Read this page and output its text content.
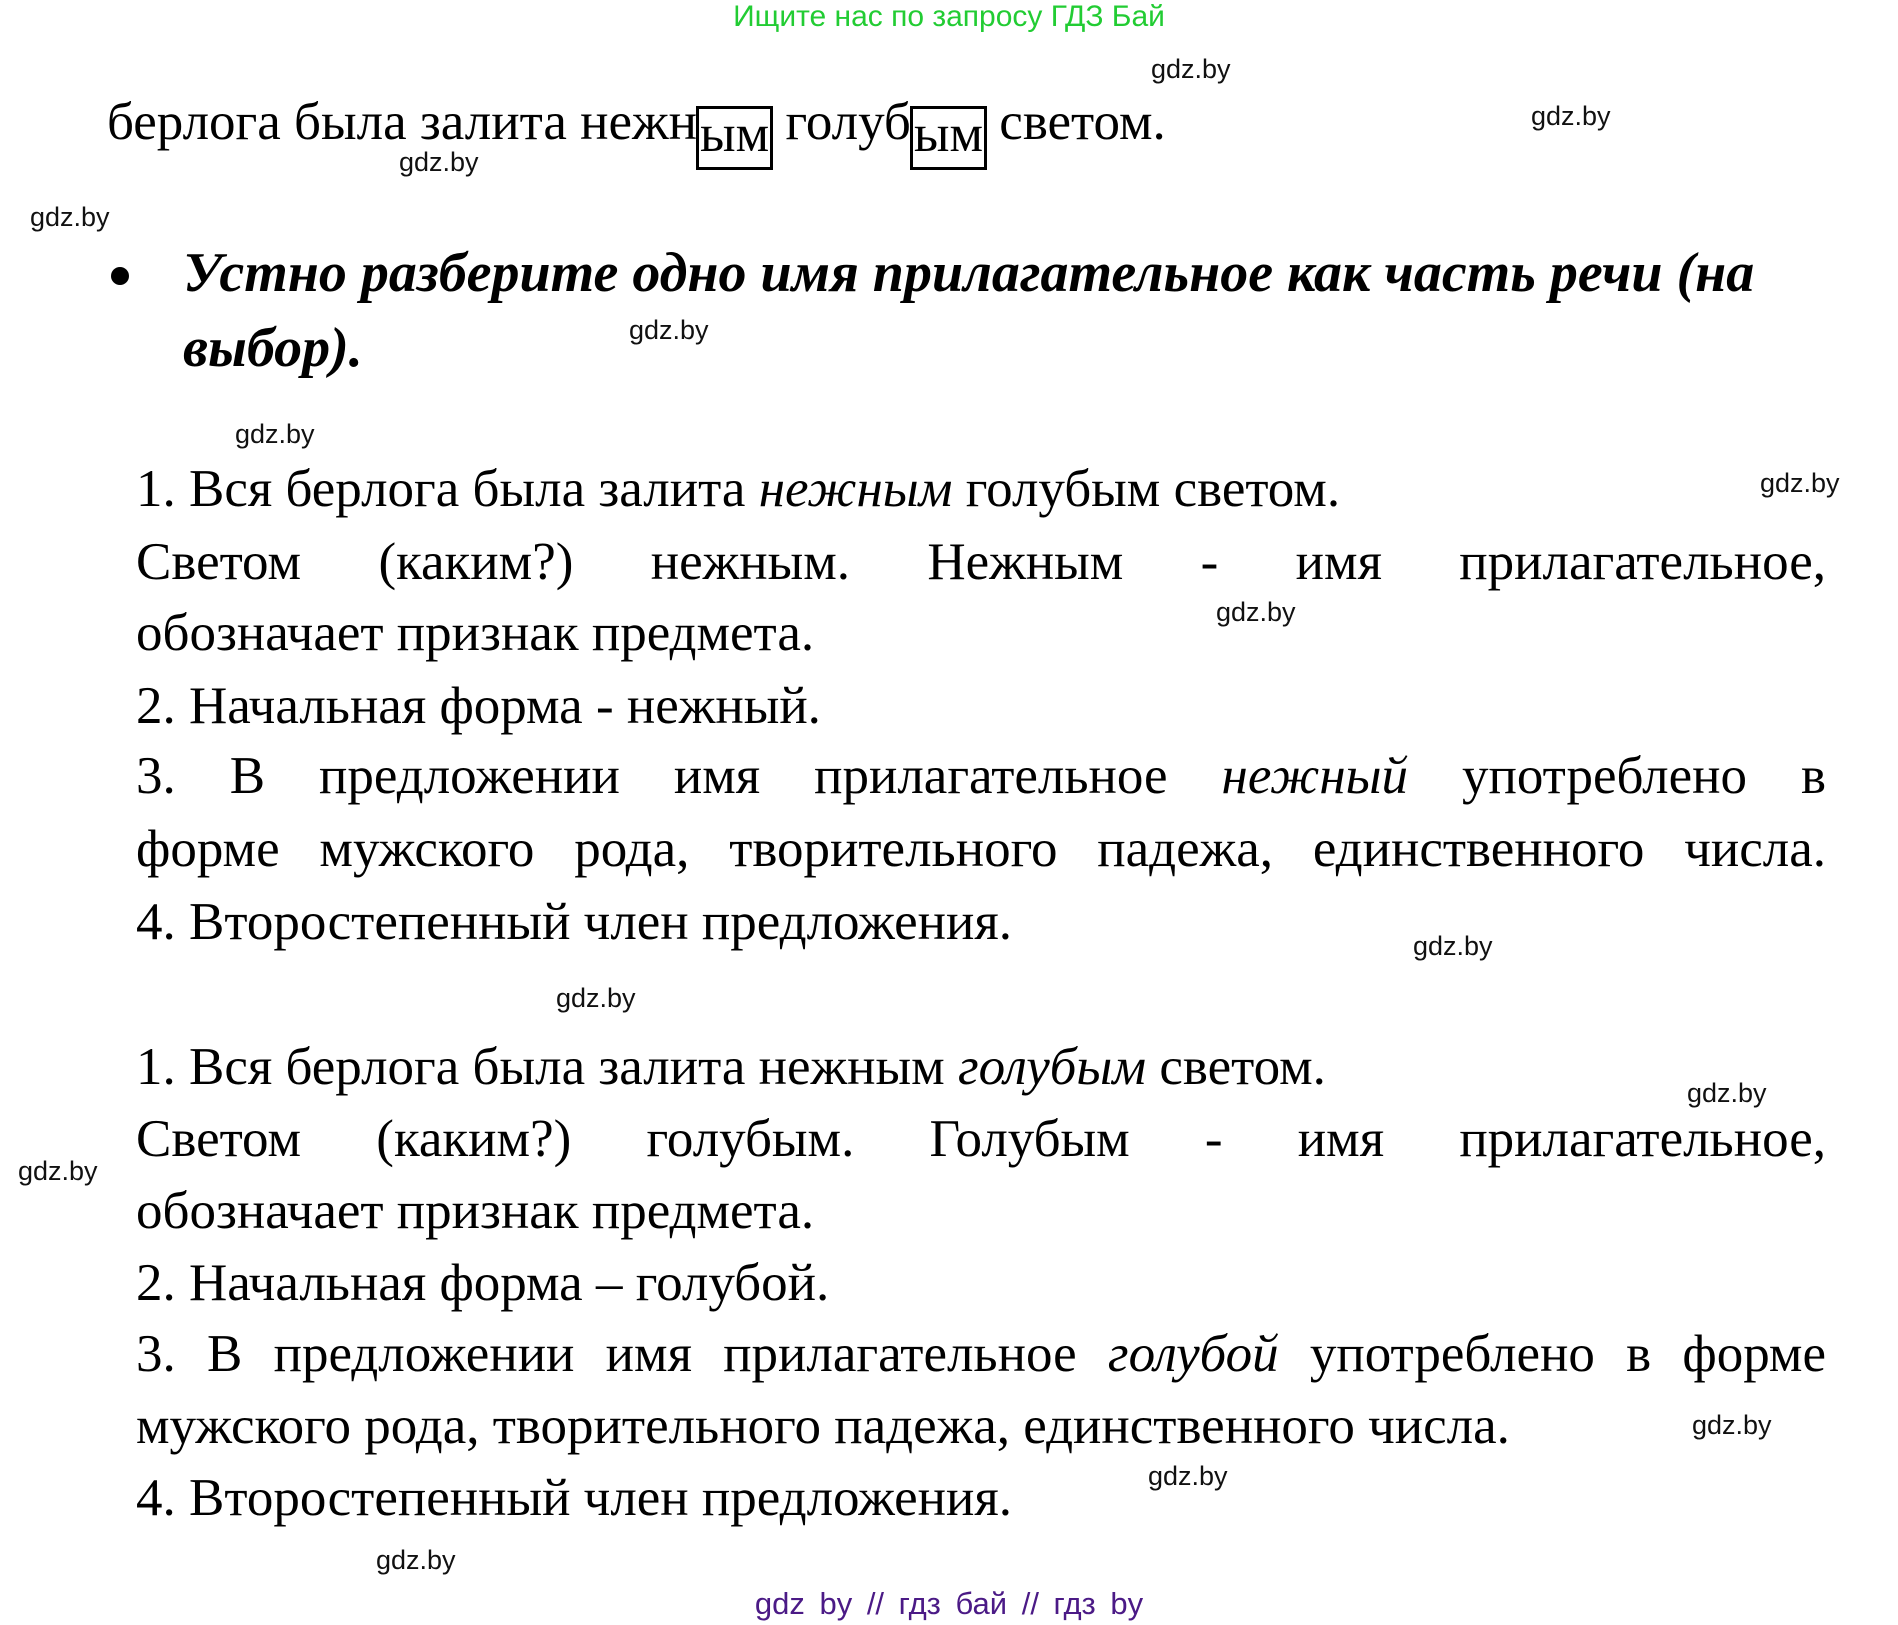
Ищите нас по запросу ГДЗ Бай
берлога была залита нежным голубым светом.
Устно разберите одно имя прилагательное как часть речи (на
выбор).
1. Вся берлога была залита нежным голубым светом.
Светом (каким?) нежным. Нежным - имя прилагательное,
обозначает признак предмета.
2. Начальная форма - нежный.
3. В предложении имя прилагательное нежный употреблено в
форме мужского рода, творительного падежа, единственного числа.
4. Второстепенный член предложения.
1. Вся берлога была залита нежным голубым светом.
Светом (каким?) голубым. Голубым - имя прилагательное,
обозначает признак предмета.
2. Начальная форма – голубой.
3. В предложении имя прилагательное голубой употреблено в форме
мужского рода, творительного падежа, единственного числа.
4. Второстепенный член предложения.
gdz.by
gdz.by
gdz.by
gdz.by
gdz.by
gdz.by
gdz.by
gdz.by
gdz.by
gdz.by
gdz.by
gdz.by
gdz.by
gdz.by
gdz.by
gdz by // гдз бай // гдз by
